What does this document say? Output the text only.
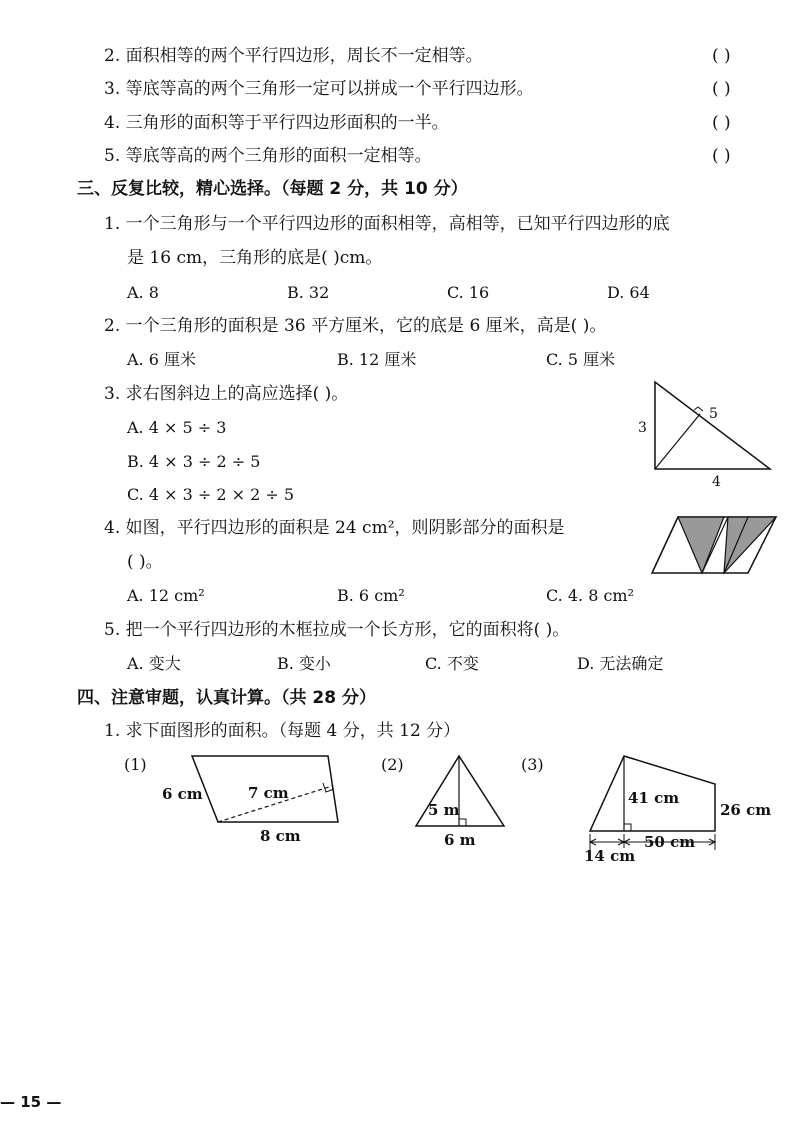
2. 面积相等的两个平行四边形，周长不一定相等。	( )
3. 等底等高的两个三角形一定可以拼成一个平行四边形。	( )
4. 三角形的面积等于平行四边形面积的一半。	( )
5. 等底等高的两个三角形的面积一定相等。	( )
三、反复比较，精心选择。（每题 2 分，共 10 分）
1. 一个三角形与一个平行四边形的面积相等，高相等，已知平行四边形的底
是 16 cm，三角形的底是( )cm。
A. 8	B. 32	C. 16	D. 64
2. 一个三角形的面积是 36 平方厘米，它的底是 6 厘米，高是( )。
A. 6 厘米	B. 12 厘米	C. 5 厘米
3. 求右图斜边上的高应选择( )。
A. 4 × 5 ÷ 3
B. 4 × 3 ÷ 2 ÷ 5
C. 4 × 3 ÷ 2 × 2 ÷ 5
3
5
4
4. 如图，平行四边形的面积是 24 cm²，则阴影部分的面积是
( )。
A. 12 cm²	B. 6 cm²	C. 4. 8 cm²
5. 把一个平行四边形的木框拉成一个长方形，它的面积将( )。
A. 变大	B. 变小	C. 不变	D. 无法确定
四、注意审题，认真计算。（共 28 分）
1. 求下面图形的面积。（每题 4 分，共 12 分）
(1)
6 cm	7 cm
8 cm
(2)
5 m
6 m
(3)
41 cm
26 cm
14 cm
50 cm
— 15 —
